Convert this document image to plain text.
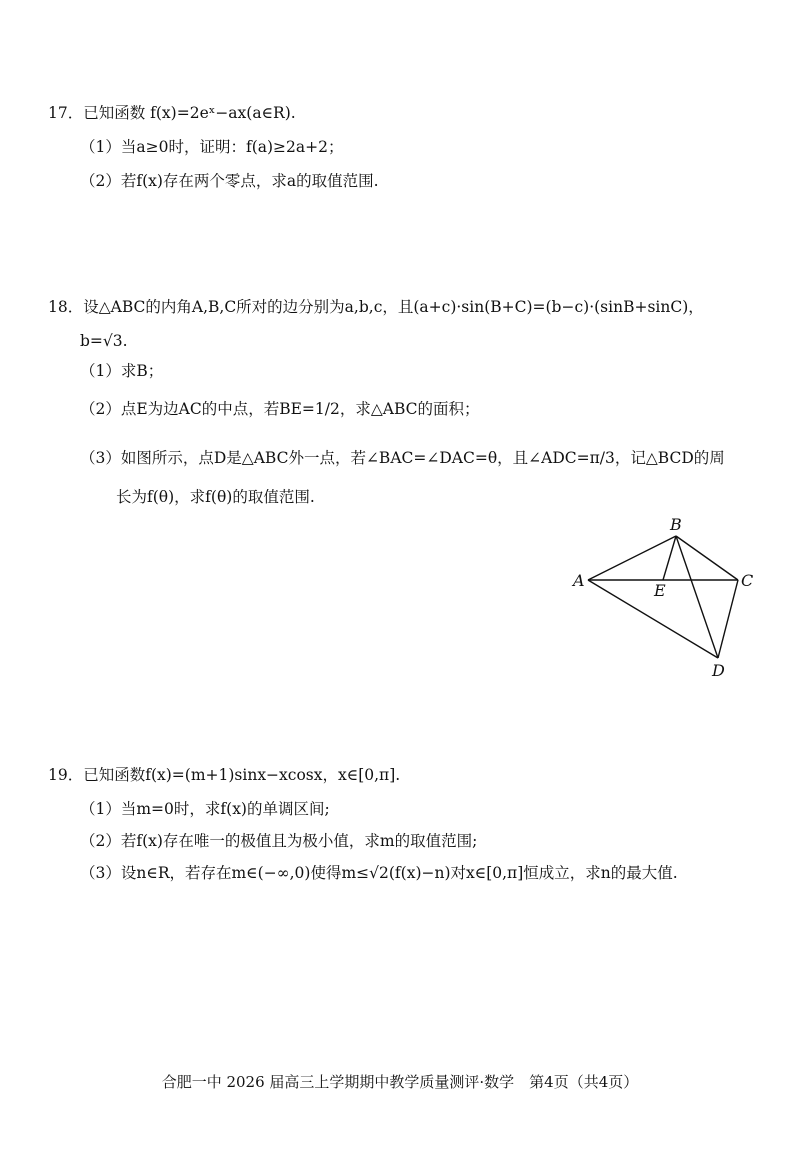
17．已知函数 f(x)=2eˣ−ax(a∈R).
（1）当a≥0时，证明：f(a)≥2a+2；
（2）若f(x)存在两个零点，求a的取值范围.
18．设△ABC的内角A,B,C所对的边分别为a,b,c，且(a+c)·sin(B+C)=(b−c)·(sinB+sinC)，
b=√3.
（1）求B；
（2）点E为边AC的中点，若BE=1/2，求△ABC的面积；
（3）如图所示，点D是△ABC外一点，若∠BAC=∠DAC=θ，且∠ADC=π/3，记△BCD的周
长为f(θ)，求f(θ)的取值范围.
B
A	C
E
D
19．已知函数f(x)=(m+1)sinx−xcosx，x∈[0,π].
（1）当m=0时，求f(x)的单调区间;
（2）若f(x)存在唯一的极值且为极小值，求m的取值范围;
（3）设n∈R，若存在m∈(−∞,0)使得m≤√2(f(x)−n)对x∈[0,π]恒成立，求n的最大值.
合肥一中 2026 届高三上学期期中教学质量测评·数学　第4页（共4页）
